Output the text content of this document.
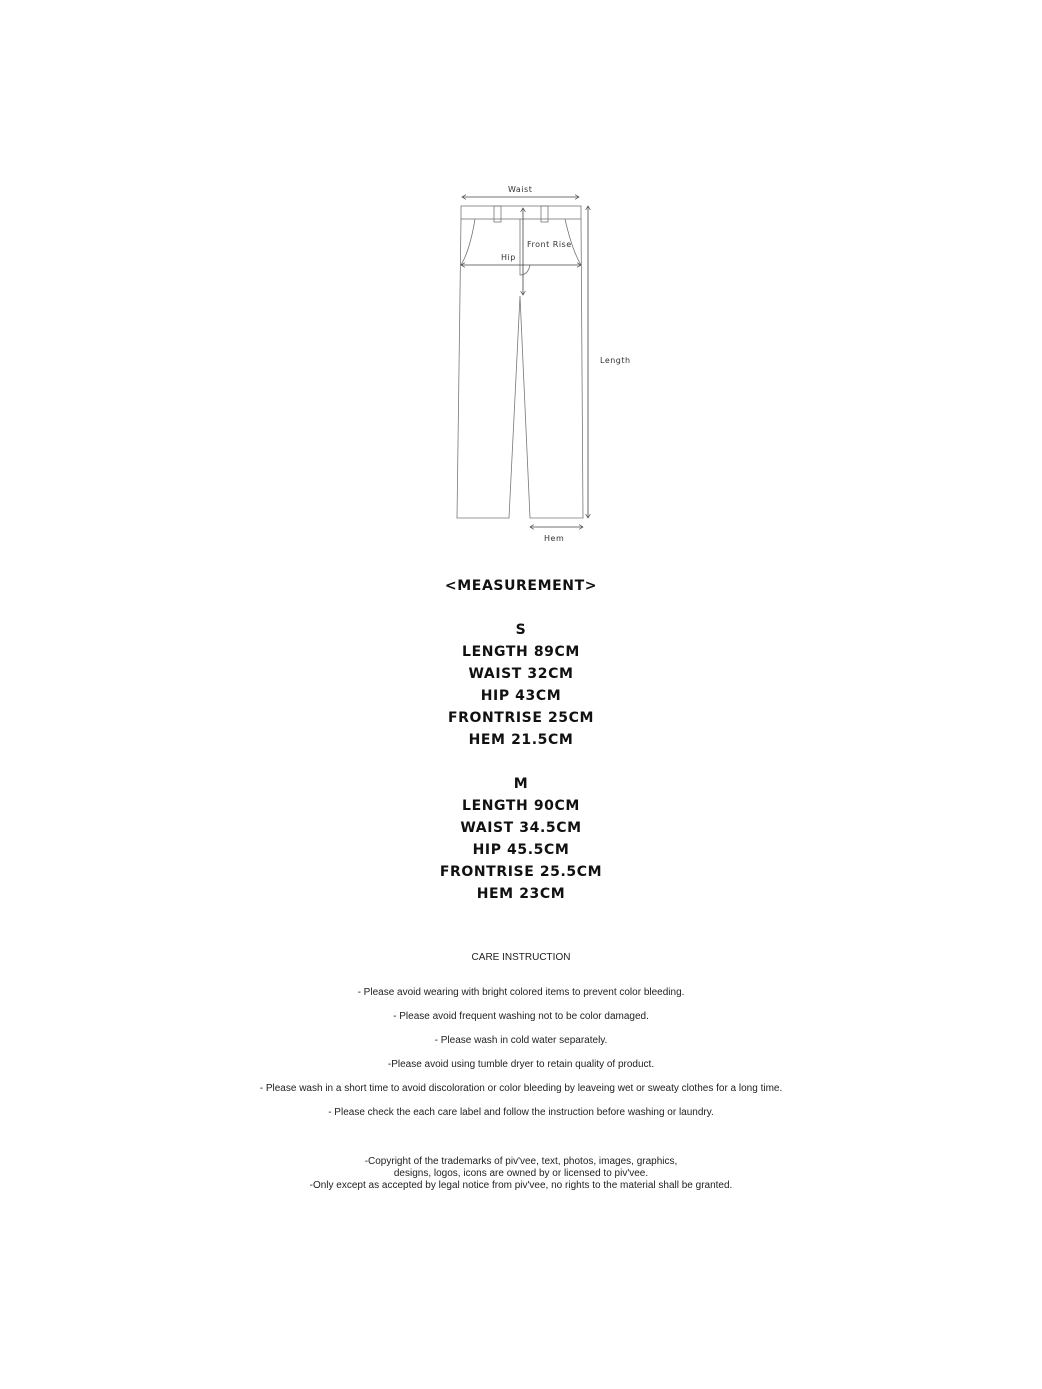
Waist
Front Rise
Hip
Length
Hem
<MEASUREMENT>
S
LENGTH 89CM
WAIST 32CM
HIP 43CM
FRONTRISE 25CM
HEM 21.5CM
M
LENGTH 90CM
WAIST 34.5CM
HIP 45.5CM
FRONTRISE 25.5CM
HEM 23CM
CARE INSTRUCTION
- Please avoid wearing with bright colored items to prevent color bleeding.
- Please avoid frequent washing not to be color damaged.
- Please wash in cold water separately.
-Please avoid using tumble dryer to retain quality of product.
- Please wash in a short time to avoid discoloration or color bleeding by leaveing wet or sweaty clothes for a long time.
- Please check the each care label and follow the instruction before washing or laundry.
-Copyright of the trademarks of piv'vee, text, photos, images, graphics,
designs, logos, icons are owned by or licensed to piv'vee.
-Only except as accepted by legal notice from piv'vee, no rights to the material shall be granted.
